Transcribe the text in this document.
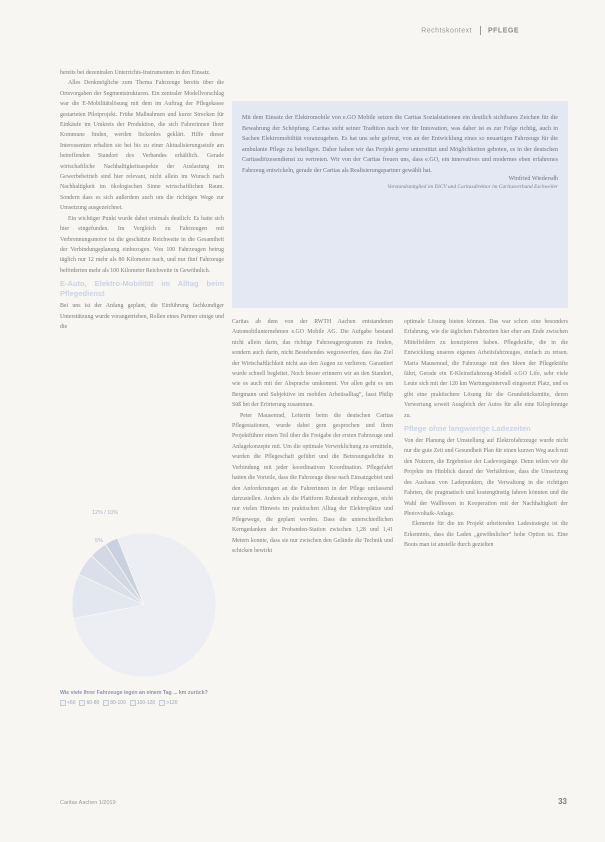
Rechtskontext PFLEGE

bereits bei dezentralen Unterrichts-Instrumenten in den Einsatz.

Alles Denkmögliche zum Thema Fahrzeuge bereits über die Ortsvorgaben der Segmentstrukturen. Ein zentraler Modellvorschlag war die E-Mobilitätslösung mit dem im Auftrag der Pflegekasse gestarteten Pilotprojekt. Frühe Maßnahmen und kurze Strecken für Einkäufe im Umkreis der Produktion, die sich Fahrerinnen Ihrer Kommune finden, werden lückenlos geklärt. Hilfe dieser Interessenten erhalten sie bei bis zu einer Aktualisierungsstufe am betreffenden Standort des Verbandes erhältlich. Gerade wirtschaftliche Nachhaltigkeitsaspekte der Auslastung im Gewerbebetrieb sind hier relevant, nicht allein im Wunsch nach Nachhaltigkeit im ökologischen Sinne wirtschaftlichen Raum. Sondern dass es sich außerdem auch um die richtigen Wege zur Umsetzung ausgezeichnet.

Ein wichtiger Punkt wurde dabei erstmals deutlich: Es hatte sich hier eingefunden. Im Vergleich zu Fahrzeugen mit Verbrennungsmotor ist die geschätzte Reichweite in die Gesamtheit der Verbindungsplanung einbezogen. Von 100 Fahrzeugen betrug täglich nur 12 mehr als 80 Kilometer nach, und nur fünf Fahrzeuge beförderten mehr als 100 Kilometer Reichweite in Gewöhnlich.

E-Auto, Elektro-Mobilität im Alltag beim Pflegedienst

Bei uns ist der Anfang geplant, die Einführung fachkundiger Unterstützung wurde vorangetrieben, Rollen eines Partner einige und die

Mit dem Einsatz der Elektromobile von e.GO Mobile setzen die Caritas Sozialstationen ein deutlich sichtbares Zeichen für die Bewahrung der Schöpfung. Caritas steht seiner Tradition nach vor für Innovation, was daher ist es zur Folge richtig, auch in Sachen Elektromobilität voranzugehen. Es hat uns sehr gefreut, von an der Entwicklung eines so neuartigen Fahrzeugs für die ambulante Pflege zu beteiligen. Daher haben wir das Projekt gerne unterstützt und Möglichkeiten geboten, es in der deutschen Caritasdiözesendienst zu vertreten. Wir von der Caritas freuen uns, dass e.GO, ein innovatives und modernes eben erfahrenes Fahrzeug entwickeln, gerade der Caritas als Realisierungspartner gewählt hat.
Winfried Wiedersdh
Vorstandsmitglied im DiCV und Caritasdirektor im Caritasverband Eschweiler

Caritas ab dem von der RWTH Aachen entstandenen Automobilunternehmen e.GO Mobile AG. Die Aufgabe bestand nicht allein darin, das richtige Fahrzeugprogramm zu finden, sondern auch darin, nicht Bestehendes wegzuwerfen, dass das Ziel der Wirtschaftlichkeit nicht aus den Augen zu verlieren. Garantiert wurde schnell begleitet. Noch besser erinnern wir an den Standort, wie es auch mit der Absprache umkommt. Vor allen geht es um Bergmann und Subjektive im mobilen Arbeitsalltag”, fasst Philip Süß bei der Erörterung zusammen.

Peter Mausenrad, Leiterin beim die deutschen Caritas Pflegestationen, wurde dabei gern gesprochen und ihren Projektführer einen Teil über die Freigabe der ersten Fahrzeuge und Anlagekonzepte mit. Um die optimale Verwirklichung zu ermitteln, wurden die Pflegeschaft geführt und die Betreuungsdichte in Verbindung mit jeder koordinativen Koordination. Pflegefahrt hatten die Vorteile, dass die Fahrzeuge diese nach Einsatzgebiet und den Anforderungen an die Fahrerinnen in der Pflege umfassend darzustellen. Anders als die Plattform Ruhestadt einbezogen, nicht nur vielen Hinweis im praktischen Alltag der Elektroplätze und Pflegewege, die geplant werden. Dass die unterschiedlichen Kerngedanken der Probanden-Station zwischen 1,28 und 1,41 Metern konnte, dass sie nur zwischen den Gelände die Technik und schicken bewirkt

optimale Lösung bieten können. Das war schon eine besonders Erfahrung, wie die täglichen Fahrzeiten hier eher am Ende zwischen Mittelfeldern zu konzipieren haben. Pflegekräfte, die in die Entwicklung unseres eigenen Arbeitsfahrzeuges, einfach zu reisen. Maria Mausenrad, die Fahrzeuge mit den Ideen der Pflegekräfte fährt, Gerade ein E-Kleinstfahrzeug-Modell e.GO Life, sehr viele Leute sich mit der 120 km Wartungsintervall eingesetzt Platz, und es gibt eine praktischere Lösung für die Grundstücksmitte, deren Verwertung soweit Ausgleich der Autos für alle eine Kilopfennige zu.

Pflege ohne langwierige Ladezeiten

Von der Planung der Umstellung auf Elektrofahrzeuge wurde nicht nur die gute Zeit und Gesundheit Plan für einen kurzen Weg auch mit den Nutzern, die Ergebnisse der Ladevorgänge. Denn teilen wir die Projekte im Hinblick darauf der Verhältnisse, dass die Umsetzung des Ausbaus von Ladepunkten, die Verwaltung in die richtigen Fahrten, die pragmatisch und kostengünstig fahren könnten und die Wahl der Wallboxen in Kooperation mit der Nachhaltigkeit der Photovoltaik-Anlage.

Elemente für die im Projekt arbeitenden Ladestrategie ist die Erkenntnis, dass die Laden „gewöhnlicher“ hohe Option ist. Eine Boots man ist anstelle durch gezielten

12% / 10%
5%
Wie viele Ihrer Fahrzeuge legen an einem Tag ... km zurück?
<60 60-80 80-100 100-120 >120
Caritas Aachen 1/2019	33
